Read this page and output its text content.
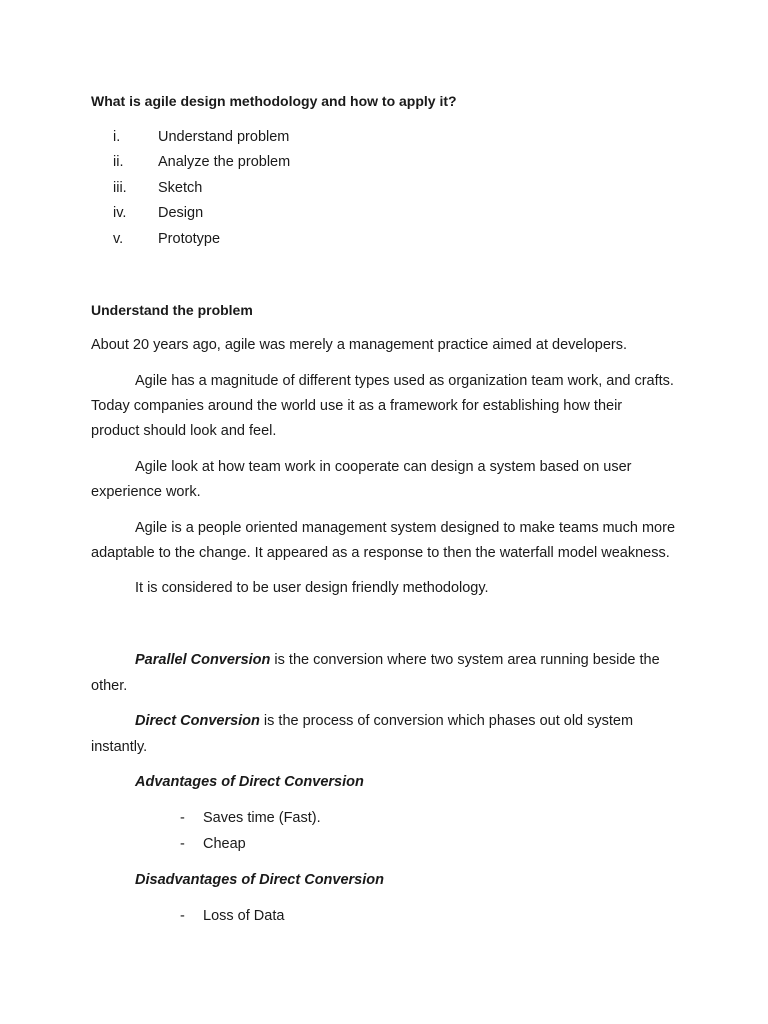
What is agile design methodology and how to apply it?
i.	Understand problem
ii. Analyze the problem
iii. Sketch
iv. Design
v. Prototype
Understand the problem
About 20 years ago, agile was merely a management practice aimed at developers.
Agile has a magnitude of different types used as organization team work, and crafts.
Today companies around the world use it as a framework for establishing how their
product should look and feel.
Agile look at how team work in cooperate can design a system based on user
experience work.
Agile is a people oriented management system designed to make teams much more
adaptable to the change. It appeared as a response to then the waterfall model weakness.
It is considered to be user design friendly methodology.
Parallel Conversion is the conversion where two system area running beside the
other.
Direct Conversion is the process of conversion which phases out old system
instantly.
Advantages of Direct Conversion
- Saves time (Fast).
- Cheap
Disadvantages of Direct Conversion
- Loss of Data
